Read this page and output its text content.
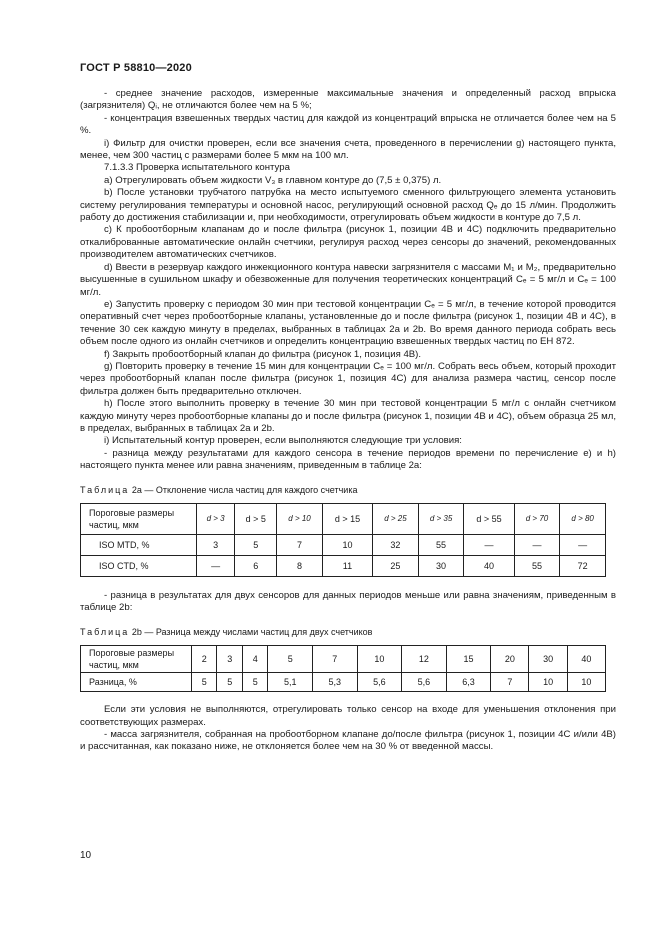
ГОСТ Р 58810—2020

- среднее значение расходов, измеренные максимальные значения и определенный расход впрыска (загрязнителя) Qᵢ, не отличаются более чем на 5 %;

- концентрация взвешенных твердых частиц для каждой из концентраций впрыска не отличается более чем на 5 %.

i) Фильтр для очистки проверен, если все значения счета, проведенного в перечислении g) настоящего пункта, менее, чем 300 частиц с размерами более 5 мкм на 100 мл.

7.1.3.3 Проверка испытательного контура

a) Отрегулировать объем жидкости V₃ в главном контуре до (7,5 ± 0,375) л.

b) После установки трубчатого патрубка на место испытуемого сменного фильтрующего элемента установить систему регулирования температуры и основной насос, регулирующий основной расход Qₑ до 15 л/мин. Продолжить работу до достижения стабилизации и, при необходимости, отрегулировать объем жидкости в контуре до 7,5 л.

c) К пробоотборным клапанам до и после фильтра (рисунок 1, позиции 4B и 4C) подключить предварительно откалиброванные автоматические онлайн счетчики, регулируя расход через сенсоры до значений, рекомендованных производителем автоматических счетчиков.

d) Ввести в резервуар каждого инжекционного контура навески загрязнителя с массами M₁ и M₂, предварительно высушенные в сушильном шкафу и обезвоженные для получения теоретических концентраций Cₑ = 5 мг/л и Cₑ = 100 мг/л.

e) Запустить проверку с периодом 30 мин при тестовой концентрации Cₑ = 5 мг/л, в течение которой проводится оперативный счет через пробоотборные клапаны, установленные до и после фильтра (рисунок 1, позиции 4B и 4C), в течение 30 сек каждую минуту в пределах, выбранных в таблицах 2a и 2b. Во время данного периода собрать весь объем после одного из онлайн счетчиков и определить концентрацию взвешенных твердых частиц по ЕН 872.

f) Закрыть пробоотборный клапан до фильтра (рисунок 1, позиция 4B).

g) Повторить проверку в течение 15 мин для концентрации Cₑ = 100 мг/л. Собрать весь объем, который проходит через пробоотборный клапан после фильтра (рисунок 1, позиция 4C) для анализа размера частиц, сенсор после фильтра должен быть предварительно отключен.

h) После этого выполнить проверку в течение 30 мин при тестовой концентрации 5 мг/л с онлайн счетчиком каждую минуту через пробоотборные клапаны до и после фильтра (рисунок 1, позиции 4B и 4C), объем образца 25 мл, в пределах, выбранных в таблицах 2a и 2b.

i) Испытательный контур проверен, если выполняются следующие три условия:

- разница между результатами для каждого сенсора в течение периодов времени по перечисление e) и h) настоящего пункта менее или равна значениям, приведенным в таблице 2a:

Таблица 2a — Отклонение числа частиц для каждого счетчика

Пороговые размеры частиц, мкм	d > 3	d > 5	d > 10	d > 15	d > 25	d > 35	d > 55	d > 70	d > 80
ISO MTD, %	3	5	7	10	32	55	—	—	—
ISO CTD, %	—	6	8	11	25	30	40	55	72

- разница в результатах для двух сенсоров для данных периодов меньше или равна значениям, приведенным в таблице 2b:

Таблица 2b — Разница между числами частиц для двух счетчиков

Пороговые размеры частиц, мкм	2	3	4	5	7	10	12	15	20	30	40
Разница, %	5	5	5	5,1	5,3	5,6	5,6	6,3	7	10	10

Если эти условия не выполняются, отрегулировать только сенсор на входе для уменьшения отклонения при соответствующих размерах.

- масса загрязнителя, собранная на пробоотборном клапане до/после фильтра (рисунок 1, позиции 4C и/или 4B) и рассчитанная, как показано ниже, не отклоняется более чем на 30 % от введенной массы.

10
